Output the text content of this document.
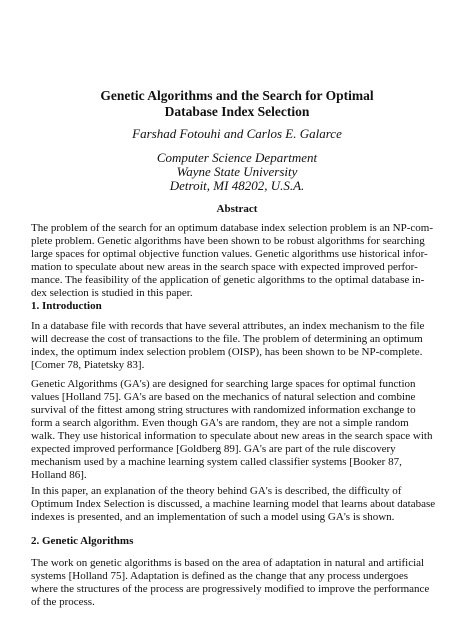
Genetic Algorithms and the Search for Optimal
Database Index Selection
Farshad Fotouhi and Carlos E. Galarce
Computer Science Department
Wayne State University
Detroit, MI 48202, U.S.A.
Abstract
The problem of the search for an optimum database index selection problem is an NP-com-
plete problem. Genetic algorithms have been shown to be robust algorithms for searching
large spaces for optimal objective function values. Genetic algorithms use historical infor-
mation to speculate about new areas in the search space with expected improved perfor-
mance. The feasibility of the application of genetic algorithms to the optimal database in-
dex selection is studied in this paper.
1. Introduction
In a database file with records that have several attributes, an index mechanism to the file
will decrease the cost of transactions to the file. The problem of determining an optimum
index, the optimum index selection problem (OISP), has been shown to be NP-complete.
[Comer 78, Piatetsky 83].
Genetic Algorithms (GA's) are designed for searching large spaces for optimal function
values [Holland 75]. GA's are based on the mechanics of natural selection and combine
survival of the fittest among string structures with randomized information exchange to
form a search algorithm. Even though GA's are random, they are not a simple random
walk. They use historical information to speculate about new areas in the search space with
expected improved performance [Goldberg 89]. GA's are part of the rule discovery
mechanism used by a machine learning system called classifier systems [Booker 87,
Holland 86].
In this paper, an explanation of the theory behind GA's is described, the difficulty of
Optimum Index Selection is discussed, a machine learning model that learns about database
indexes is presented, and an implementation of such a model using GA's is shown.
2. Genetic Algorithms
The work on genetic algorithms is based on the area of adaptation in natural and artificial
systems [Holland 75]. Adaptation is defined as the change that any process undergoes
where the structures of the process are progressively modified to improve the performance
of the process.
